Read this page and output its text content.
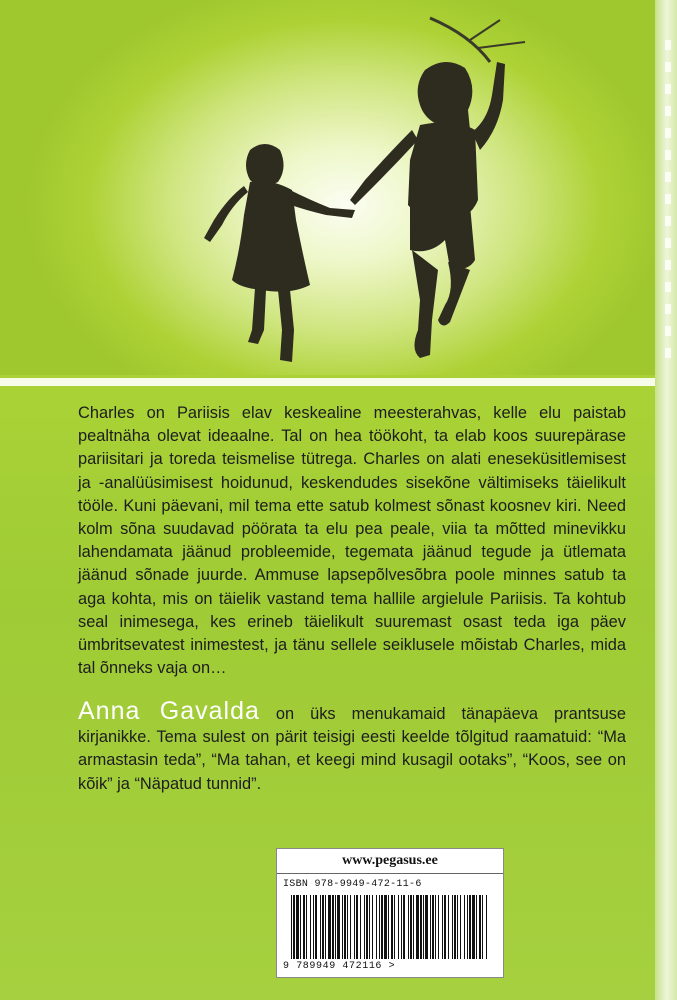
Charles on Pariisis elav keskealine meesterahvas, kelle elu paistab pealtnäha olevat ideaalne. Tal on hea töökoht, ta elab koos suurepärase pariisitari ja toreda teismelise tütrega. Charles on alati eneseküsitlemisest ja -analüüsimisest hoidunud, keskendudes sisekõne vältimiseks täielikult tööle. Kuni päevani, mil tema ette satub kolmest sõnast koosnev kiri. Need kolm sõna suudavad pöörata ta elu pea peale, viia ta mõtted minevikku lahendamata jäänud probleemide, tegemata jäänud tegude ja ütlemata jäänud sõnade juurde. Ammuse lapsepõlvesõbra poole minnes satub ta aga kohta, mis on täielik vastand tema hallile argielule Pariisis. Ta kohtub seal inimesega, kes erineb täielikult suuremast osast teda iga päev ümbritsevatest inimestest, ja tänu sellele seiklusele mõistab Charles, mida tal õnneks vaja on…

Anna Gavalda on üks menukamaid tänapäeva prantsuse kirjanikke. Tema sulest on pärit teisigi eesti keelde tõlgitud raamatuid: “Ma armastasin teda”, “Ma tahan, et keegi mind kusagil ootaks”, “Koos, see on kõik” ja “Näpatud tunnid”.
www.pegasus.ee
ISBN 978-9949-472-11-6
9 789949 472116 >
